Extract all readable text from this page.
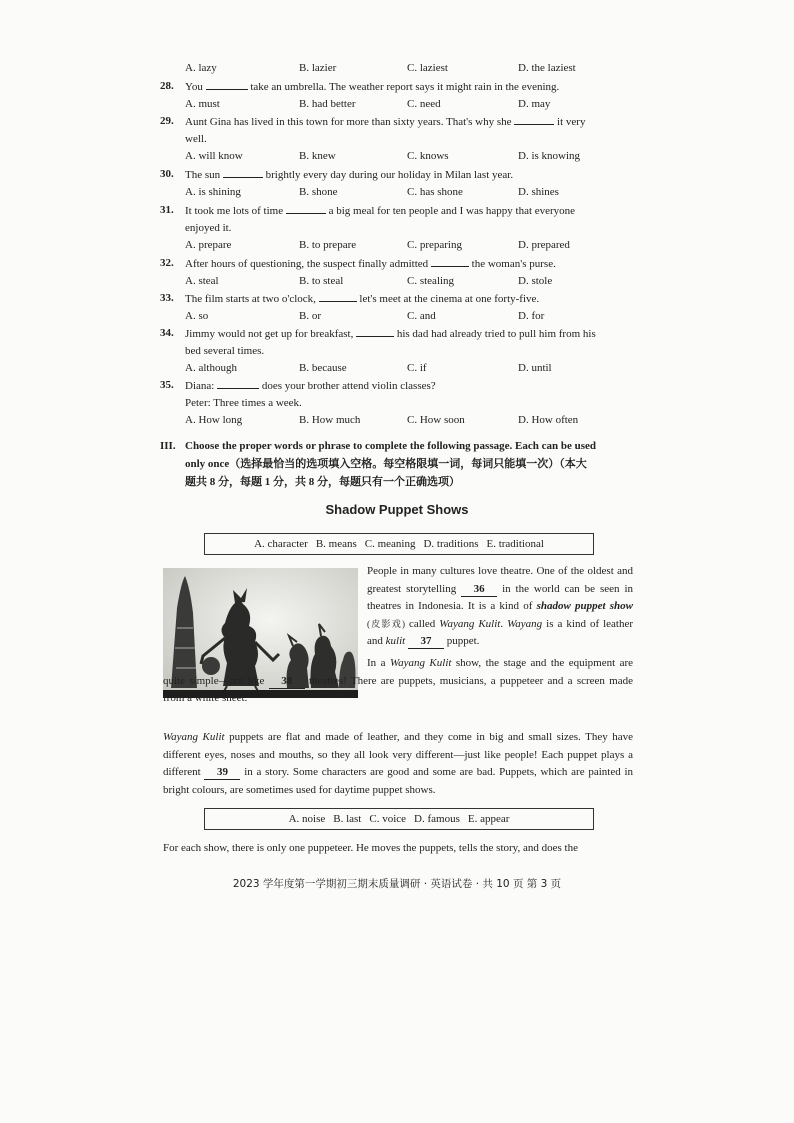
A. lazy	B. lazier	C. laziest	D. the laziest
28.	You	take an umbrella. The weather report says it might rain in the evening.
A. must	B. had better	C. need	D. may
29.	Aunt Gina has lived in this town for more than sixty years. That's why she	it very
well.
A. will know	B. knew	C. knows	D. is knowing
30.	The sun	brightly every day during our holiday in Milan last year.
A. is shining	B. shone	C. has shone	D. shines
31.	It took me lots of time	a big meal for ten people and I was happy that everyone
enjoyed it.
A. prepare	B. to prepare	C. preparing	D. prepared
32.	After hours of questioning, the suspect finally admitted	the woman's purse.
A. steal	B. to steal	C. stealing	D. stole
33.	The film starts at two o'clock,	let's meet at the cinema at one forty-five.
A. so	B. or	C. and	D. for
34.	Jimmy would not get up for breakfast,	his dad had already tried to pull him from his
bed several times.
A. although	B. because	C. if	D. until
35.	Diana:	does your brother attend violin classes?
Peter: Three times a week.
A. How long	B. How much	C. How soon	D. How often
III. Choose the proper words or phrase to complete the following passage. Each can be used
only once（选择最恰当的选项填入空格。每空格限填一词，每词只能填一次）（本大
题共 8 分，每题 1 分，共 8 分，每题只有一个正确选项）
Shadow Puppet Shows
A. character B. means C. meaning D. traditions E. traditional
People in many cultures love theatre. One of the oldest and greatest storytelling 36 in the world can be seen in theatres in Indonesia. It is a kind of shadow puppet show (皮影戏) called Wayang Kulit. Wayang is a kind of leather and kulit 37 puppet.
In a Wayang Kulit show, the stage and the equipment are quite simple—not like 38 theatres! There are puppets, musicians, a puppeteer and a screen made from a white sheet.
Wayang Kulit puppets are flat and made of leather, and they come in big and small sizes. They have different eyes, noses and mouths, so they all look very different—just like people! Each puppet plays a different 39 in a story. Some characters are good and some are bad. Puppets, which are painted in bright colours, are sometimes used for daytime puppet shows.
A. noise B. last C. voice D. famous E. appear
For each show, there is only one puppeteer. He moves the puppets, tells the story, and does the
2023 学年度第一学期初三期末质量调研 · 英语试卷 · 共 10 页 第 3 页
